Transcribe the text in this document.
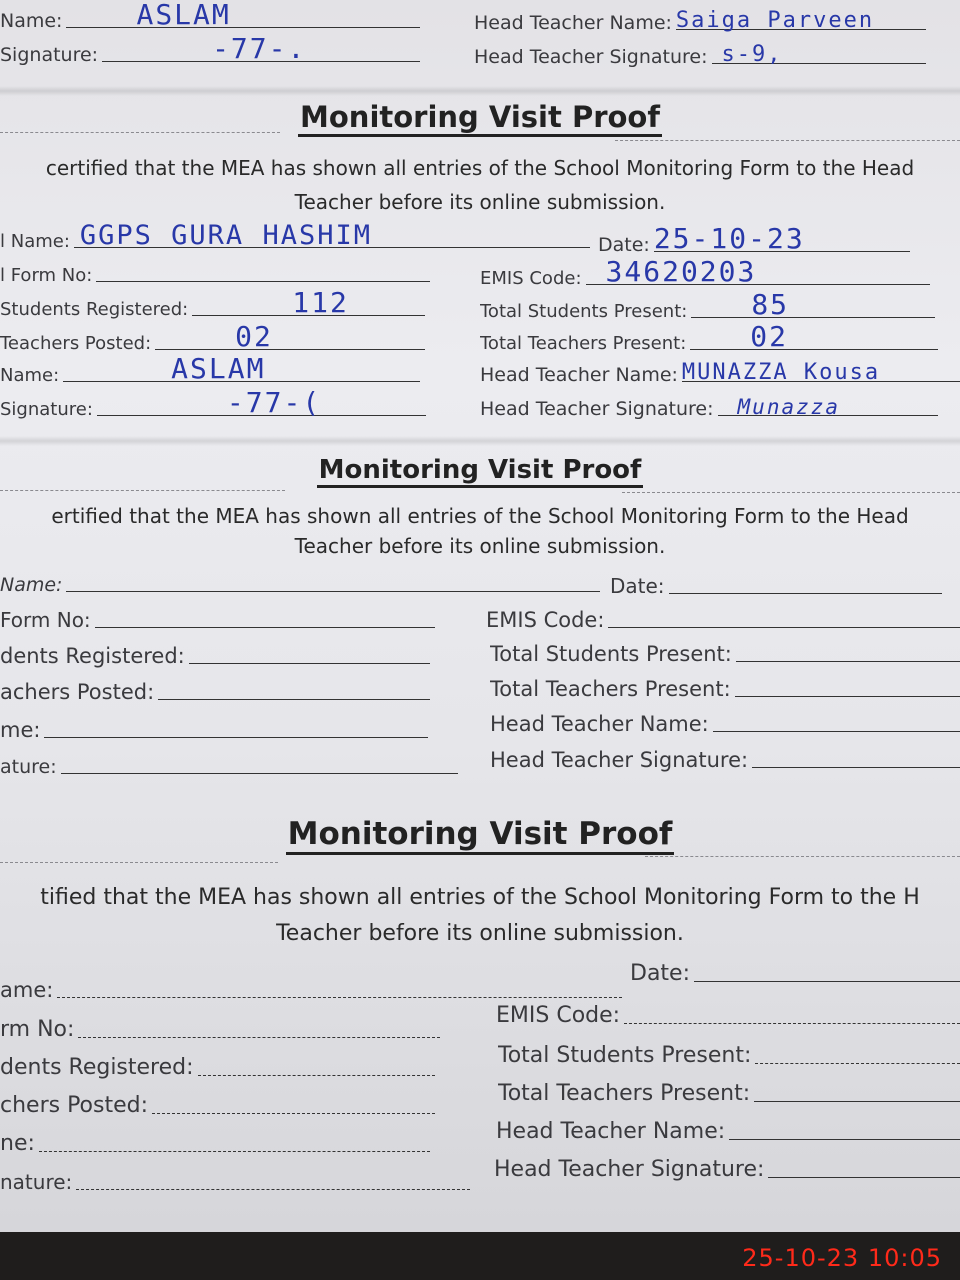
Name:	ASLAM
Signature:	-77-.
Head Teacher Name: Saiga Parveen
Head Teacher Signature: s-9,
Monitoring Visit Proof
certified that the MEA has shown all entries of the School Monitoring Form to the Head
Teacher before its online submission.
l Name: GGPS GURA HASHIM
l Form No:
Students Registered:	112
Teachers Posted:	02
Name:	ASLAM
Signature:	-77-(
Date: 25-10-23
EMIS Code: 34620203
Total Students Present: 85
Total Teachers Present: 02
Head Teacher Name: MUNAZZA Kousa
Head Teacher Signature: Munazza
Monitoring Visit Proof
ertified that the MEA has shown all entries of the School Monitoring Form to the Head
Teacher before its online submission.
Name:
Form No:
dents Registered:
achers Posted:
me:
ature:
Date:
EMIS Code:
Total Students Present:
Total Teachers Present:
Head Teacher Name:
Head Teacher Signature:
Monitoring Visit Proof
tified that the MEA has shown all entries of the School Monitoring Form to the H
Teacher before its online submission.
ame:
rm No:
dents Registered:
chers Posted:
ne:
nature:
Date:
EMIS Code:
Total Students Present:
Total Teachers Present:
Head Teacher Name:
Head Teacher Signature:
25-10-23 10:05
